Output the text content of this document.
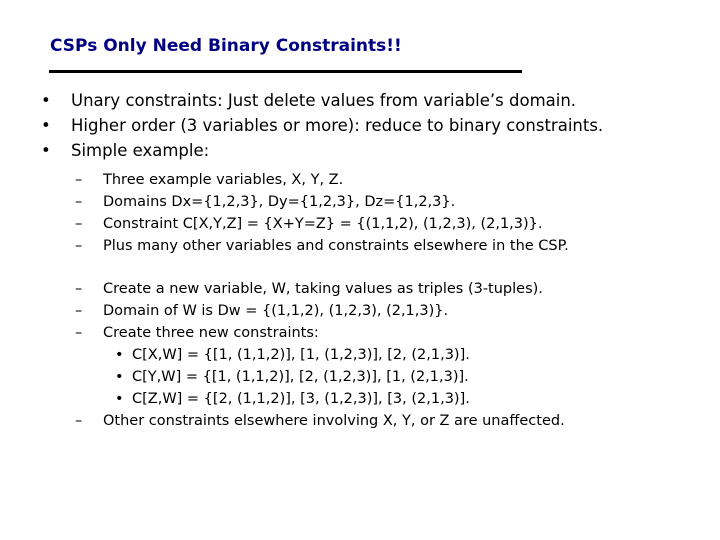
CSPs Only Need Binary Constraints!!
• Unary constraints: Just delete values from variable’s domain.
• Higher order (3 variables or more): reduce to binary constraints.
• Simple example:
– Three example variables, X, Y, Z.
– Domains Dx={1,2,3}, Dy={1,2,3}, Dz={1,2,3}.
– Constraint C[X,Y,Z] = {X+Y=Z} = {(1,1,2), (1,2,3), (2,1,3)}.
– Plus many other variables and constraints elsewhere in the CSP.
– Create a new variable, W, taking values as triples (3-tuples).
– Domain of W is Dw = {(1,1,2), (1,2,3), (2,1,3)}.
– Create three new constraints:
• C[X,W] = {[1, (1,1,2)], [1, (1,2,3)], [2, (2,1,3)].
• C[Y,W] = {[1, (1,1,2)], [2, (1,2,3)], [1, (2,1,3)].
• C[Z,W] = {[2, (1,1,2)], [3, (1,2,3)], [3, (2,1,3)].
– Other constraints elsewhere involving X, Y, or Z are unaffected.
